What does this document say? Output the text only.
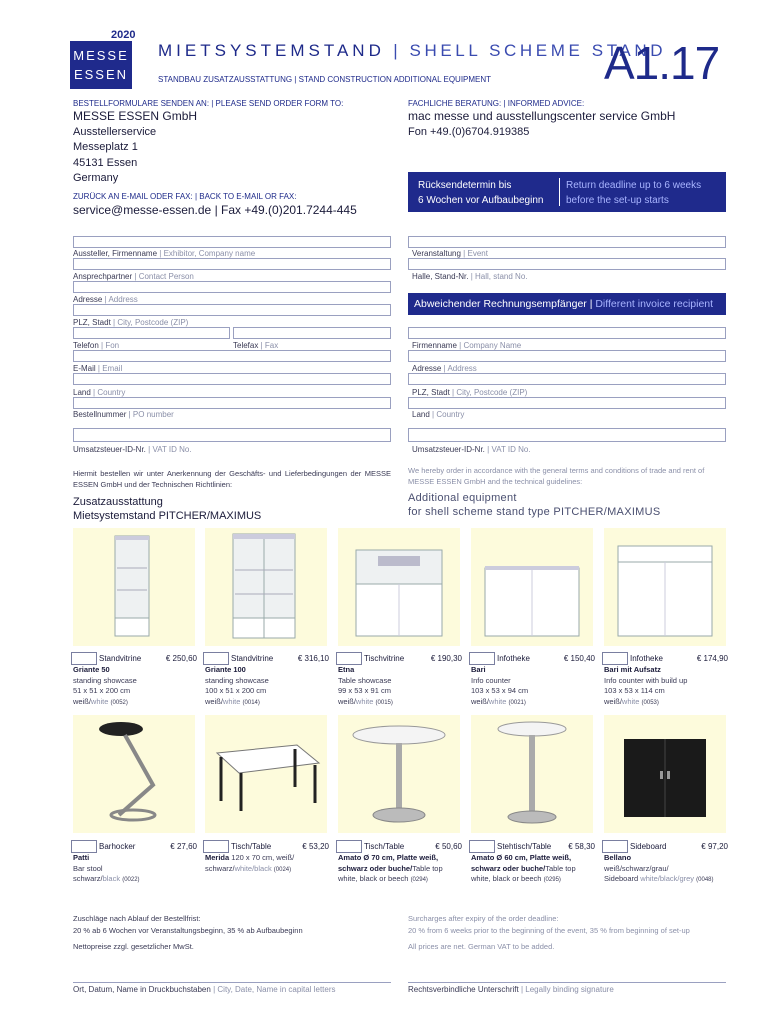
2020
MESSE
ESSEN
MIETSYSTEMSTAND | SHELL SCHEME STAND
STANDBAU ZUSATZAUSSTATTUNG | STAND CONSTRUCTION ADDITIONAL EQUIPMENT A1.17
BESTELLFORMULARE SENDEN AN: | PLEASE SEND ORDER FORM TO:
MESSE ESSEN GmbH
Ausstellerservice
Messeplatz 1
45131 Essen
Germany
FACHLICHE BERATUNG: | INFORMED ADVICE:
mac messe und ausstellungscenter service GmbH
Fon +49.(0)6704.919385
ZURÜCK AN E-MAIL ODER FAX: | BACK TO E-MAIL OR FAX:
service@messe-essen.de | Fax +49.(0)201.7244-445
Rücksendetermin bis
6 Wochen vor Aufbaubeginn
Return deadline up to 6 weeks
before the set-up starts
Aussteller, Firmenname | Exhibitor, Company name
Ansprechpartner | Contact Person
Adresse | Address
PLZ, Stadt | City, Postcode (ZIP)
Telefon | Fon	Telefax | Fax
E-Mail | Email
Land | Country
Bestellnummer | PO number
Umsatzsteuer-ID-Nr. | VAT ID No.
Veranstaltung | Event
Halle, Stand-Nr. | Hall, stand No.
Abweichender Rechnungsempfänger | Different invoice recipient
Firmenname | Company Name
Adresse | Address
PLZ, Stadt | City, Postcode (ZIP)
Land | Country
Umsatzsteuer-ID-Nr. | VAT ID No.
Hiermit bestellen wir unter Anerkennung der Geschäfts- und Lieferbedingungen der MESSE ESSEN GmbH und der Technischen Richtlinien:
We hereby order in accordance with the general terms and conditions of trade and rent of MESSE ESSEN GmbH and the technical guidelines:
Zusatzausstattung
Mietsystemstand PITCHER/MAXIMUS
Additional equipment
for shell scheme stand type PITCHER/MAXIMUS
Standvitrine	€ 250,60
Griante 50
standing showcase
51 x 51 x 200 cm
weiß/white (0052)
Standvitrine	€ 316,10
Griante 100
standing showcase
100 x 51 x 200 cm
weiß/white (0014)
Tischvitrine	€ 190,30
Etna
Table showcase
99 x 53 x 91 cm
weiß/white (0015)
Infotheke	€ 150,40
Bari
Info counter
103 x 53 x 94 cm
weiß/white (0021)
Infotheke	€ 174,90
Bari mit Aufsatz
Info counter with build up
103 x 53 x 114 cm
weiß/white (0053)
Barhocker	€ 27,60
Patti
Bar stool
schwarz/black (0022)
Tisch/Table	€ 53,20
Merida 120 x 70 cm, weiß/
schwarz/white/black (0024)
Tisch/Table	€ 50,60
Amato Ø 70 cm, Platte weiß,
schwarz oder buche/Table top
white, black or beech (0294)
Stehtisch/Table € 58,30
Amato Ø 60 cm, Platte weiß,
schwarz oder buche/Table top
white, black or beech (0295)
Sideboard	€ 97,20
Bellano
weiß/schwarz/grau/
Sideboard white/black/grey (0048)
Zuschläge nach Ablauf der Bestellfrist:
20 % ab 6 Wochen vor Veranstaltungsbeginn, 35 % ab Aufbaubeginn
Nettopreise zzgl. gesetzlicher MwSt.
Surcharges after expiry of the order deadline:
20 % from 6 weeks prior to the beginning of the event, 35 % from beginning of set-up
All prices are net. German VAT to be added.
Ort, Datum, Name in Druckbuchstaben | City, Date, Name in capital letters	Rechtsverbindliche Unterschrift | Legally binding signature
